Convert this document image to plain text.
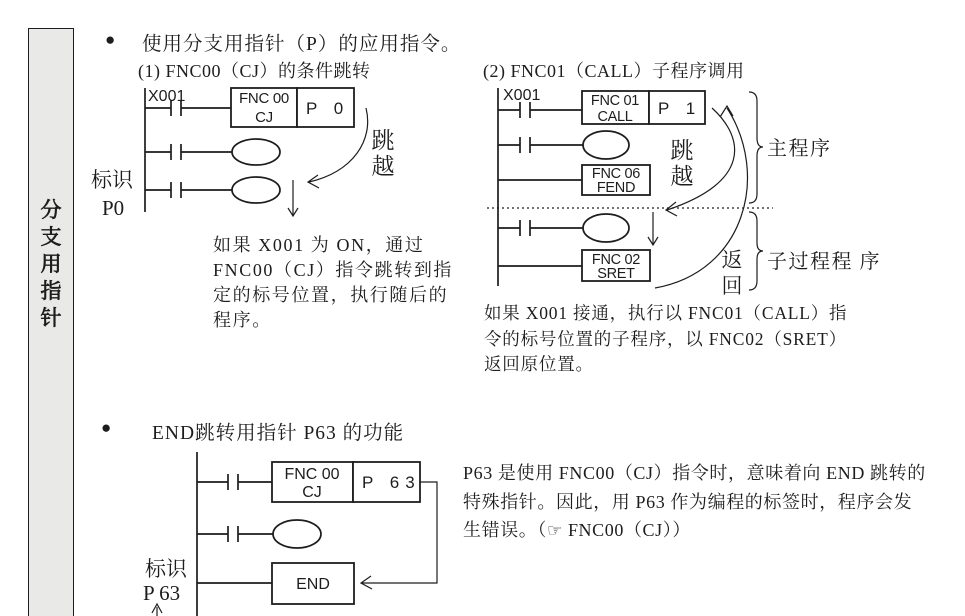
分
支
用
指
针
● 使用分支用指针（P）的应用指令。
(1) FNC00（CJ）的条件跳转	(2) FNC01（CALL）子程序调用
X001	FNC 00
CJ P 0
标识
P0
跳
越
X001	FNC 01
CALL P 1
FNC 06
FEND
FNC 02
SRET
跳
越
返
回
主程序
子过程程 序
如果 X001 为 ON，通过
FNC00（CJ）指令跳转到指
定的标号位置，执行随后的
程序。	如果 X001 接通，执行以 FNC01（CALL）指
令的标号位置的子程序，以 FNC02（SRET）
返回原位置。
● END跳转用指针 P63 的功能
FNC 00
CJ
P 63
END
标识
P 63
P63 是使用 FNC00（CJ）指令时，意味着向 END 跳转的
特殊指针。因此，用 P63 作为编程的标签时，程序会发
生错误。（☞ FNC00（CJ））
